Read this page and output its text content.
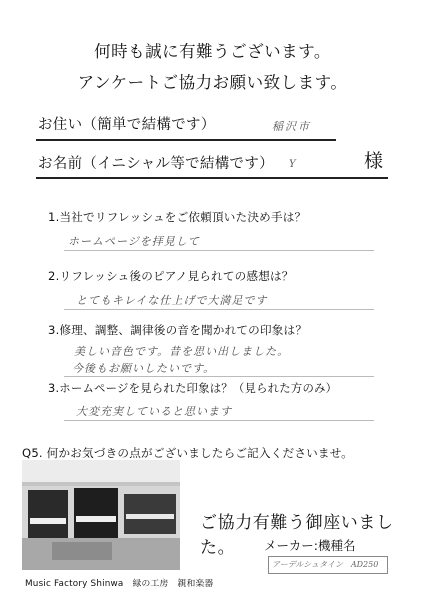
何時も誠に有難うございます。
アンケートご協力お願い致します。
お住い（簡単で結構です）	稲沢市
お名前（イニシャル等で結構です） Y	様
1.当社でリフレッシュをご依頼頂いた決め手は？
ホームページを拝見して
2.リフレッシュ後のピアノ見られての感想は？
とてもキレイな仕上げで大満足です
3.修理、調整、調律後の音を聞かれての印象は？
美しい音色です。昔を思い出しました。
今後もお願いしたいです。
3.ホームページを見られた印象は？（見られた方のみ）
大変充実していると思います
Q5. 何かお気づきの点がございましたらご記入くださいませ。
Music Factory Shinwa　緑の工房　親和楽器
ご協力有難う御座いました。	メーカー:機種名
アーデルシュタイン　AD250
